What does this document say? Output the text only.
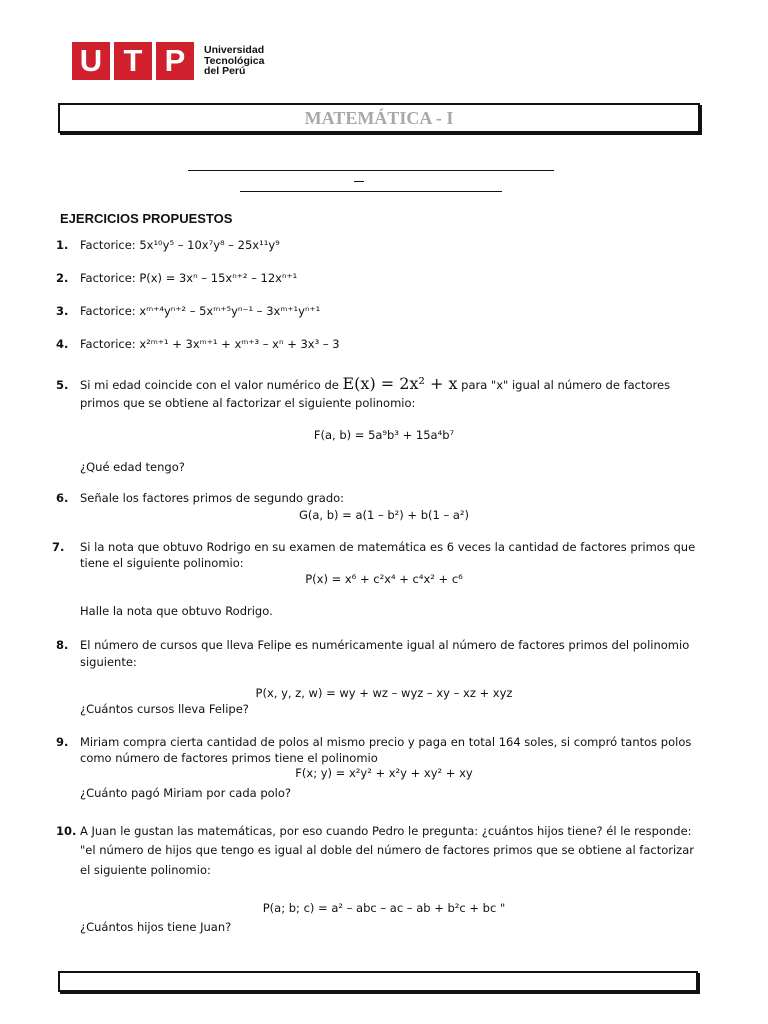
U T P	Universidad
Tecnológica
del Perú
MATEMÁTICA - I
EJERCICIOS PROPUESTOS
1. Factorice: 5x¹⁰y⁵ – 10x⁷y⁸ – 25x¹¹y⁹
2. Factorice: P(x) = 3xⁿ – 15xⁿ⁺² – 12xⁿ⁺¹
3. Factorice: xᵐ⁺⁴yⁿ⁺² – 5xᵐ⁺⁵yⁿ⁻¹ – 3xᵐ⁺¹yⁿ⁺¹
4. Factorice: x²ᵐ⁺¹ + 3xᵐ⁺¹ + xᵐ⁺³ – xⁿ + 3x³ – 3
5. Si mi edad coincide con el valor numérico de E(x) = 2x² + x para "x" igual al número de factores
primos que se obtiene al factorizar el siguiente polinomio:
F(a, b) = 5a⁹b³ + 15a⁴b⁷
¿Qué edad tengo?
6. Señale los factores primos de segundo grado:
G(a, b) = a(1 – b²) + b(1 – a²)
7. Si la nota que obtuvo Rodrigo en su examen de matemática es 6 veces la cantidad de factores primos que
tiene el siguiente polinomio:
P(x) = x⁶ + c²x⁴ + c⁴x² + c⁶
Halle la nota que obtuvo Rodrigo.
8. El número de cursos que lleva Felipe es numéricamente igual al número de factores primos del polinomio
siguiente:
P(x, y, z, w) = wy + wz – wyz – xy – xz + xyz
¿Cuántos cursos lleva Felipe?
9. Miriam compra cierta cantidad de polos al mismo precio y paga en total 164 soles, si compró tantos polos
como número de factores primos tiene el polinomio
F(x; y) = x²y² + x²y + xy² + xy
¿Cuánto pagó Miriam por cada polo?
10. A Juan le gustan las matemáticas, por eso cuando Pedro le pregunta: ¿cuántos hijos tiene? él le responde:
"el número de hijos que tengo es igual al doble del número de factores primos que se obtiene al factorizar
el siguiente polinomio:
P(a; b; c) = a² – abc – ac – ab + b²c + bc "
¿Cuántos hijos tiene Juan?
